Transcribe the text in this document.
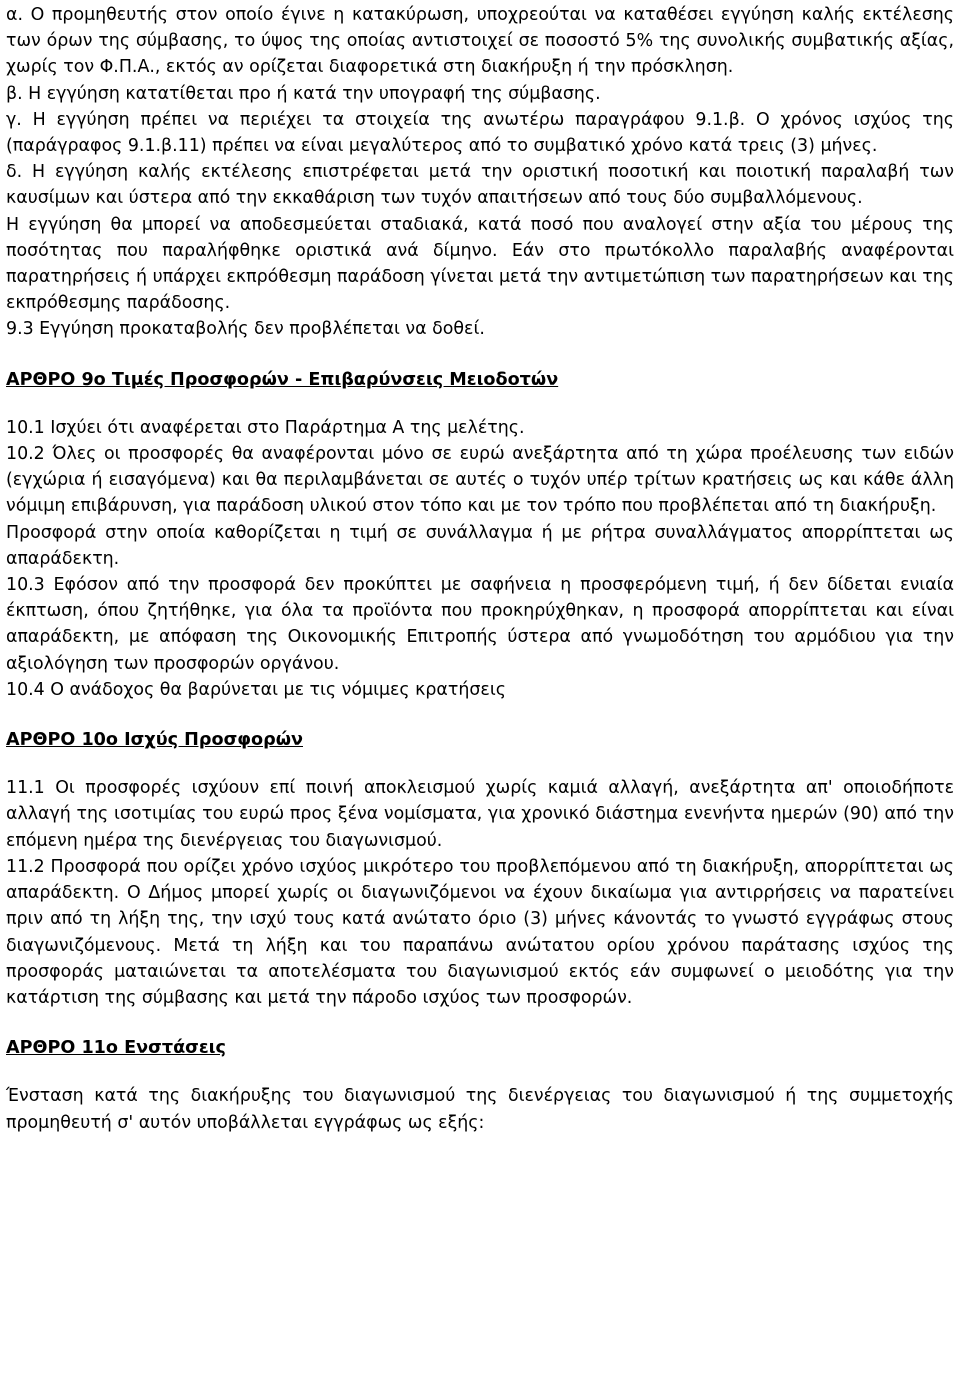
α. Ο προμηθευτής στον οποίο έγινε η κατακύρωση, υποχρεούται να καταθέσει εγγύηση καλής εκτέλεσης των όρων της σύμβασης, το ύψος της οποίας αντιστοιχεί σε ποσοστό 5% της συνολικής συμβατικής αξίας, χωρίς τον Φ.Π.Α., εκτός αν ορίζεται διαφορετικά στη διακήρυξη ή την πρόσκληση.

β. Η εγγύηση κατατίθεται προ ή κατά την υπογραφή της σύμβασης.

γ. Η εγγύηση πρέπει να περιέχει τα στοιχεία της ανωτέρω παραγράφου 9.1.β. Ο χρόνος ισχύος της (παράγραφος 9.1.β.11) πρέπει να είναι μεγαλύτερος από το συμβατικό χρόνο κατά τρεις (3) μήνες.

δ. Η εγγύηση καλής εκτέλεσης επιστρέφεται μετά την οριστική ποσοτική και ποιοτική παραλαβή των καυσίμων και ύστερα από την εκκαθάριση των τυχόν απαιτήσεων από τους δύο συμβαλλόμενους.

Η εγγύηση θα μπορεί να αποδεσμεύεται σταδιακά, κατά ποσό που αναλογεί στην αξία του μέρους της ποσότητας που παραλήφθηκε οριστικά ανά δίμηνο. Εάν στο πρωτόκολλο παραλαβής αναφέρονται παρατηρήσεις ή υπάρχει εκπρόθεσμη παράδοση γίνεται μετά την αντιμετώπιση των παρατηρήσεων και της εκπρόθεσμης παράδοσης.

9.3 Εγγύηση προκαταβολής δεν προβλέπεται να δοθεί.

ΑΡΘΡΟ 9ο Τιμές Προσφορών - Επιβαρύνσεις Μειοδοτών

10.1 Ισχύει ότι αναφέρεται στο Παράρτημα Α της μελέτης.

10.2 Όλες οι προσφορές θα αναφέρονται μόνο σε ευρώ ανεξάρτητα από τη χώρα προέλευσης των ειδών (εγχώρια ή εισαγόμενα) και θα περιλαμβάνεται σε αυτές ο τυχόν υπέρ τρίτων κρατήσεις ως και κάθε άλλη νόμιμη επιβάρυνση, για παράδοση υλικού στον τόπο και με τον τρόπο που προβλέπεται από τη διακήρυξη.

Προσφορά στην οποία καθορίζεται η τιμή σε συνάλλαγμα ή με ρήτρα συναλλάγματος απορρίπτεται ως απαράδεκτη.

10.3 Εφόσον από την προσφορά δεν προκύπτει με σαφήνεια η προσφερόμενη τιμή, ή δεν δίδεται ενιαία έκπτωση, όπου ζητήθηκε, για όλα τα προϊόντα που προκηρύχθηκαν, η προσφορά απορρίπτεται και είναι απαράδεκτη, με απόφαση της Οικονομικής Επιτροπής ύστερα από γνωμοδότηση του αρμόδιου για την αξιολόγηση των προσφορών οργάνου.

10.4 Ο ανάδοχος θα βαρύνεται με τις νόμιμες κρατήσεις

ΑΡΘΡΟ 10ο Ισχύς Προσφορών

11.1 Οι προσφορές ισχύουν επί ποινή αποκλεισμού χωρίς καμιά αλλαγή, ανεξάρτητα απ' οποιοδήποτε αλλαγή της ισοτιμίας του ευρώ προς ξένα νομίσματα, για χρονικό διάστημα ενενήντα ημερών (90) από την επόμενη ημέρα της διενέργειας του διαγωνισμού.

11.2 Προσφορά που ορίζει χρόνο ισχύος μικρότερο του προβλεπόμενου από τη διακήρυξη, απορρίπτεται ως απαράδεκτη. Ο Δήμος μπορεί χωρίς οι διαγωνιζόμενοι να έχουν δικαίωμα για αντιρρήσεις να παρατείνει πριν από τη λήξη της, την ισχύ τους κατά ανώτατο όριο (3) μήνες κάνοντάς το γνωστό εγγράφως στους διαγωνιζόμενους. Μετά τη λήξη και του παραπάνω ανώτατου ορίου χρόνου παράτασης ισχύος της προσφοράς ματαιώνεται τα αποτελέσματα του διαγωνισμού εκτός εάν συμφωνεί ο μειοδότης για την κατάρτιση της σύμβασης και μετά την πάροδο ισχύος των προσφορών.

ΑΡΘΡΟ 11ο Ενστάσεις

Ένσταση κατά της διακήρυξης του διαγωνισμού της διενέργειας του διαγωνισμού ή της συμμετοχής προμηθευτή σ' αυτόν υποβάλλεται εγγράφως ως εξής:
